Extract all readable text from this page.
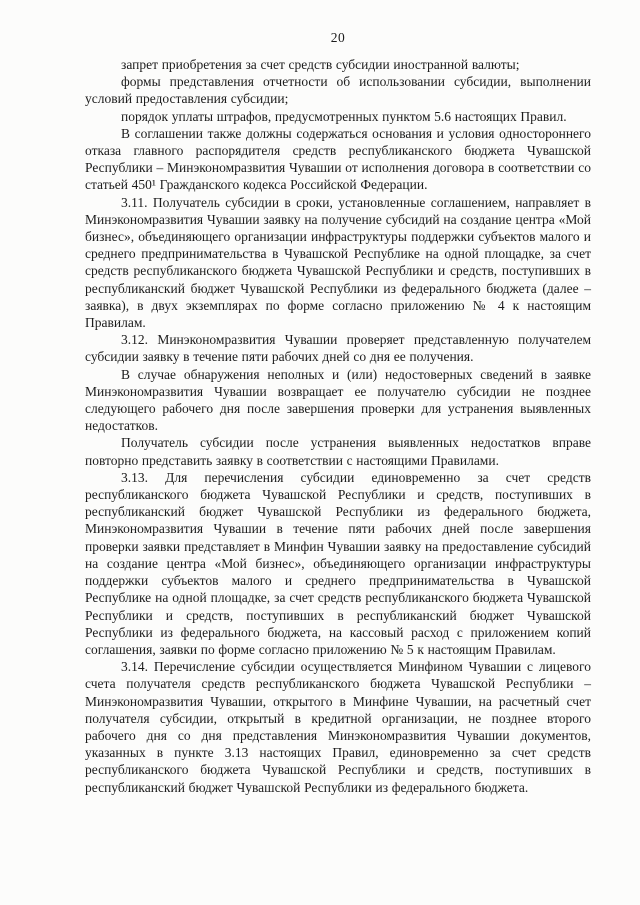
20

запрет приобретения за счет средств субсидии иностранной валюты;

формы представления отчетности об использовании субсидии, выполнении условий предоставления субсидии;

порядок уплаты штрафов, предусмотренных пунктом 5.6 настоящих Правил.

В соглашении также должны содержаться основания и условия одностороннего отказа главного распорядителя средств республиканского бюджета Чувашской Республики – Минэкономразвития Чувашии от исполнения договора в соответствии со статьей 450¹ Гражданского кодекса Российской Федерации.

3.11. Получатель субсидии в сроки, установленные соглашением, направляет в Минэкономразвития Чувашии заявку на получение субсидий на создание центра «Мой бизнес», объединяющего организации инфраструктуры поддержки субъектов малого и среднего предпринимательства в Чувашской Республике на одной площадке, за счет средств республиканского бюджета Чувашской Республики и средств, поступивших в республиканский бюджет Чувашской Республики из федерального бюджета (далее – заявка), в двух экземплярах по форме согласно приложению № 4 к настоящим Правилам.

3.12. Минэкономразвития Чувашии проверяет представленную получателем субсидии заявку в течение пяти рабочих дней со дня ее получения.

В случае обнаружения неполных и (или) недостоверных сведений в заявке Минэкономразвития Чувашии возвращает ее получателю субсидии не позднее следующего рабочего дня после завершения проверки для устранения выявленных недостатков.

Получатель субсидии после устранения выявленных недостатков вправе повторно представить заявку в соответствии с настоящими Правилами.

3.13. Для перечисления субсидии единовременно за счет средств республиканского бюджета Чувашской Республики и средств, поступивших в республиканский бюджет Чувашской Республики из федерального бюджета, Минэкономразвития Чувашии в течение пяти рабочих дней после завершения проверки заявки представляет в Минфин Чувашии заявку на предоставление субсидий на создание центра «Мой бизнес», объединяющего организации инфраструктуры поддержки субъектов малого и среднего предпринимательства в Чувашской Республике на одной площадке, за счет средств республиканского бюджета Чувашской Республики и средств, поступивших в республиканский бюджет Чувашской Республики из федерального бюджета, на кассовый расход с приложением копий соглашения, заявки по форме согласно приложению № 5 к настоящим Правилам.

3.14. Перечисление субсидии осуществляется Минфином Чувашии с лицевого счета получателя средств республиканского бюджета Чувашской Республики – Минэкономразвития Чувашии, открытого в Минфине Чувашии, на расчетный счет получателя субсидии, открытый в кредитной организации, не позднее второго рабочего дня со дня представления Минэкономразвития Чувашии документов, указанных в пункте 3.13 настоящих Правил, единовременно за счет средств республиканского бюджета Чувашской Республики и средств, поступивших в республиканский бюджет Чувашской Республики из федерального бюджета.
